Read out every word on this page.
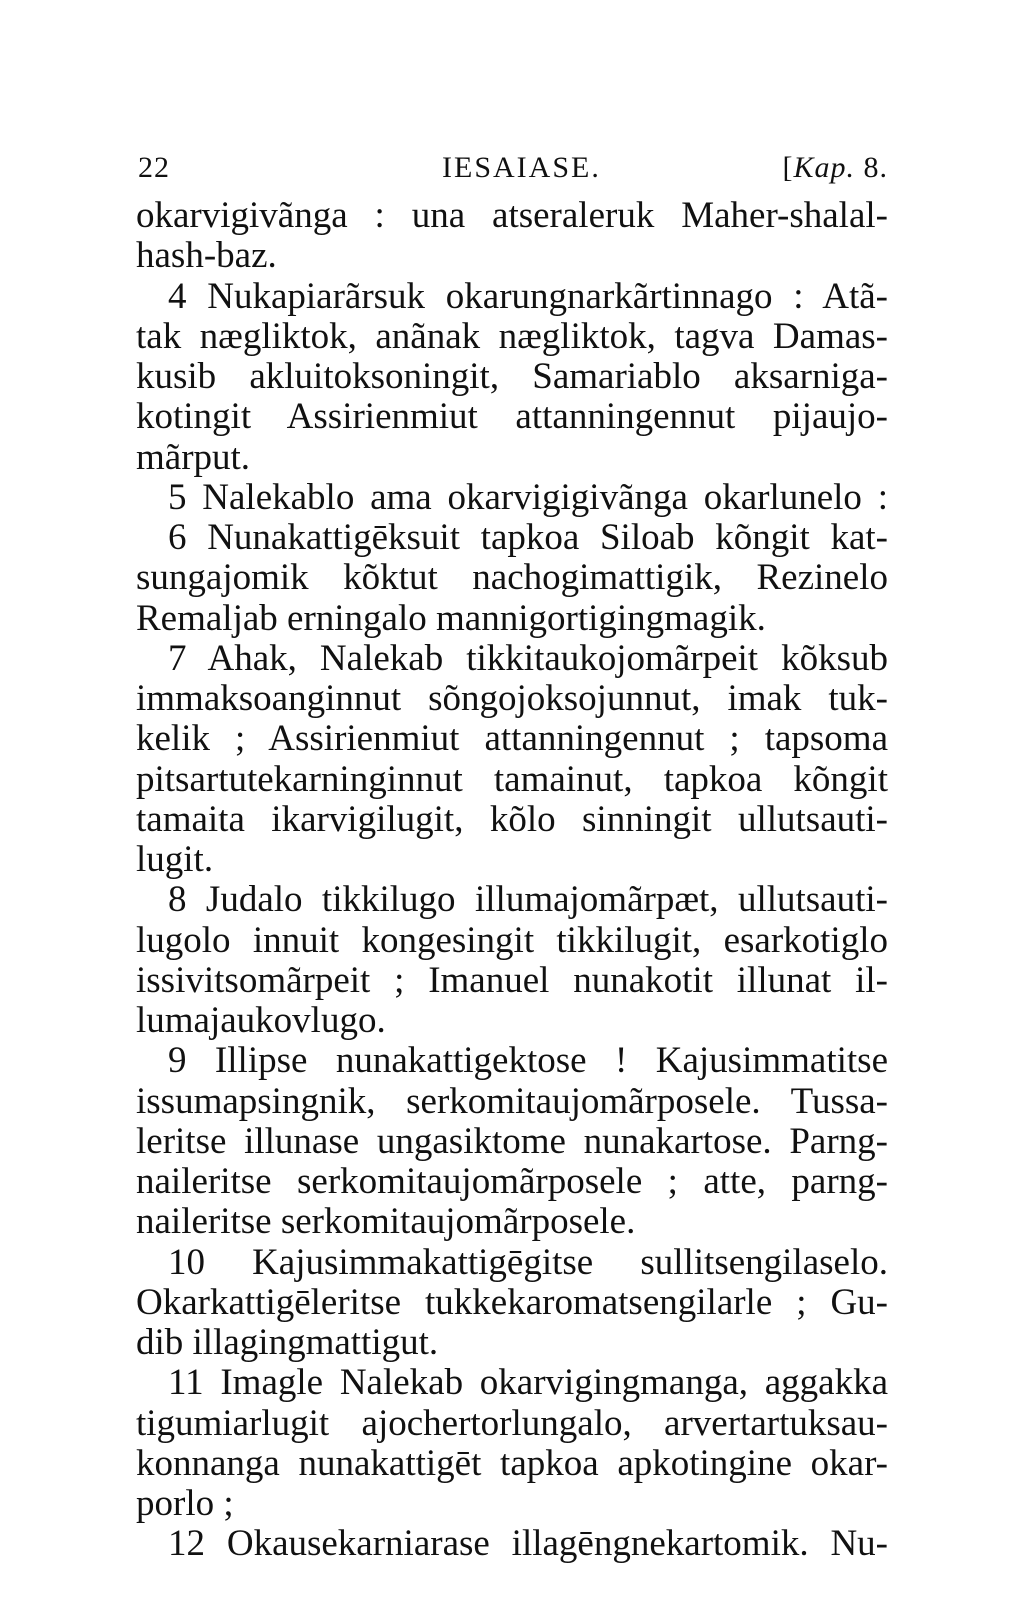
22	IESAIASE.	[Kap. 8.
okarvigivãnga : una atseraleruk Maher-shalal-
hash-baz.
4 Nukapiarãrsuk okarungnarkãrtinnago : Atã-
tak nægliktok, anãnak nægliktok, tagva Damas-
kusib akluitoksoningit, Samariablo aksarniga-
kotingit Assirienmiut attanningennut pijaujo-
mãrput.
5 Nalekablo ama okarvigigivãnga okarlunelo :
6 Nunakattigēksuit tapkoa Siloab kõngit kat-
sungajomik kõktut nachogimattigik, Rezinelo
Remaljab erningalo mannigortigingmagik.
7 Ahak, Nalekab tikkitaukojomãrpeit kõksub
immaksoanginnut sõngojoksojunnut, imak tuk-
kelik ; Assirienmiut attanningennut ; tapsoma
pitsartutekarninginnut tamainut, tapkoa kõngit
tamaita ikarvigilugit, kõlo sinningit ullutsauti-
lugit.
8 Judalo tikkilugo illumajomãrpæt, ullutsauti-
lugolo innuit kongesingit tikkilugit, esarkotiglo
issivitsomãrpeit ; Imanuel nunakotit illunat il-
lumajaukovlugo.
9 Illipse nunakattigektose ! Kajusimmatitse
issumapsingnik, serkomitaujomãrposele. Tussa-
leritse illunase ungasiktome nunakartose. Parng-
naileritse serkomitaujomãrposele ; atte, parng-
naileritse serkomitaujomãrposele.
10 Kajusimmakattigēgitse sullitsengilaselo.
Okarkattigēleritse tukkekaromatsengilarle ; Gu-
dib illagingmattigut.
11 Imagle Nalekab okarvigingmanga, aggakka
tigumiarlugit ajochertorlungalo, arvertartuksau-
konnanga nunakattigēt tapkoa apkotingine okar-
porlo ;
12 Okausekarniarase illagēngnekartomik. Nu-
